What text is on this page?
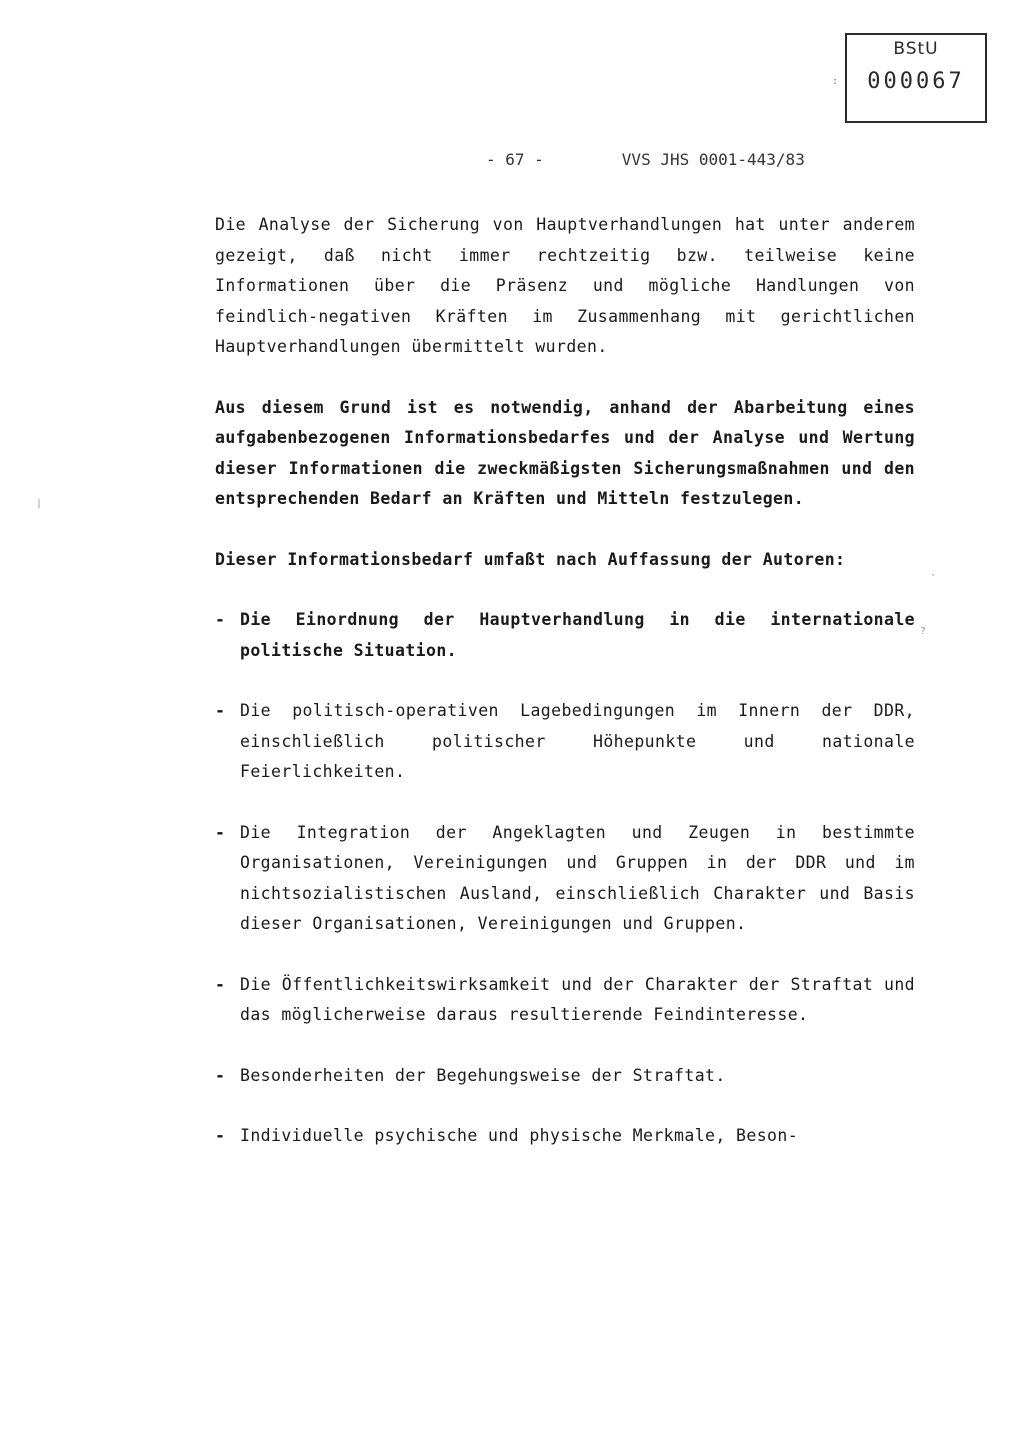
BStU
000067
:
- 67 -	VVS JHS 0001-443/83

Die Analyse der Sicherung von Hauptverhandlungen hat unter anderem gezeigt, daß nicht immer rechtzeitig bzw. teilweise keine Informationen über die Präsenz und mögliche Handlungen von feindlich-negativen Kräften im Zusammenhang mit gerichtlichen Hauptverhandlungen übermittelt wurden.

Aus diesem Grund ist es notwendig, anhand der Abarbeitung eines aufgabenbezogenen Informationsbedarfes und der Analyse und Wertung dieser Informationen die zweckmäßigsten Sicherungsmaßnahmen und den entsprechenden Bedarf an Kräften und Mitteln festzulegen.

Dieser Informationsbedarf umfaßt nach Auffassung der Autoren:

- Die Einordnung der Hauptverhandlung in die internationale politische Situation.
- Die politisch-operativen Lagebedingungen im Innern der DDR, einschließlich politischer Höhepunkte und nationale Feierlichkeiten.
- Die Integration der Angeklagten und Zeugen in bestimmte Organisationen, Vereinigungen und Gruppen in der DDR und im nichtsozialistischen Ausland, einschließlich Charakter und Basis dieser Organisationen, Vereinigungen und Gruppen.
- Die Öffentlichkeitswirksamkeit und der Charakter der Straftat und das möglicherweise daraus resultierende Feindinteresse.
- Besonderheiten der Begehungsweise der Straftat.
- Individuelle psychische und physische Merkmale, Beson-
|
·
?
